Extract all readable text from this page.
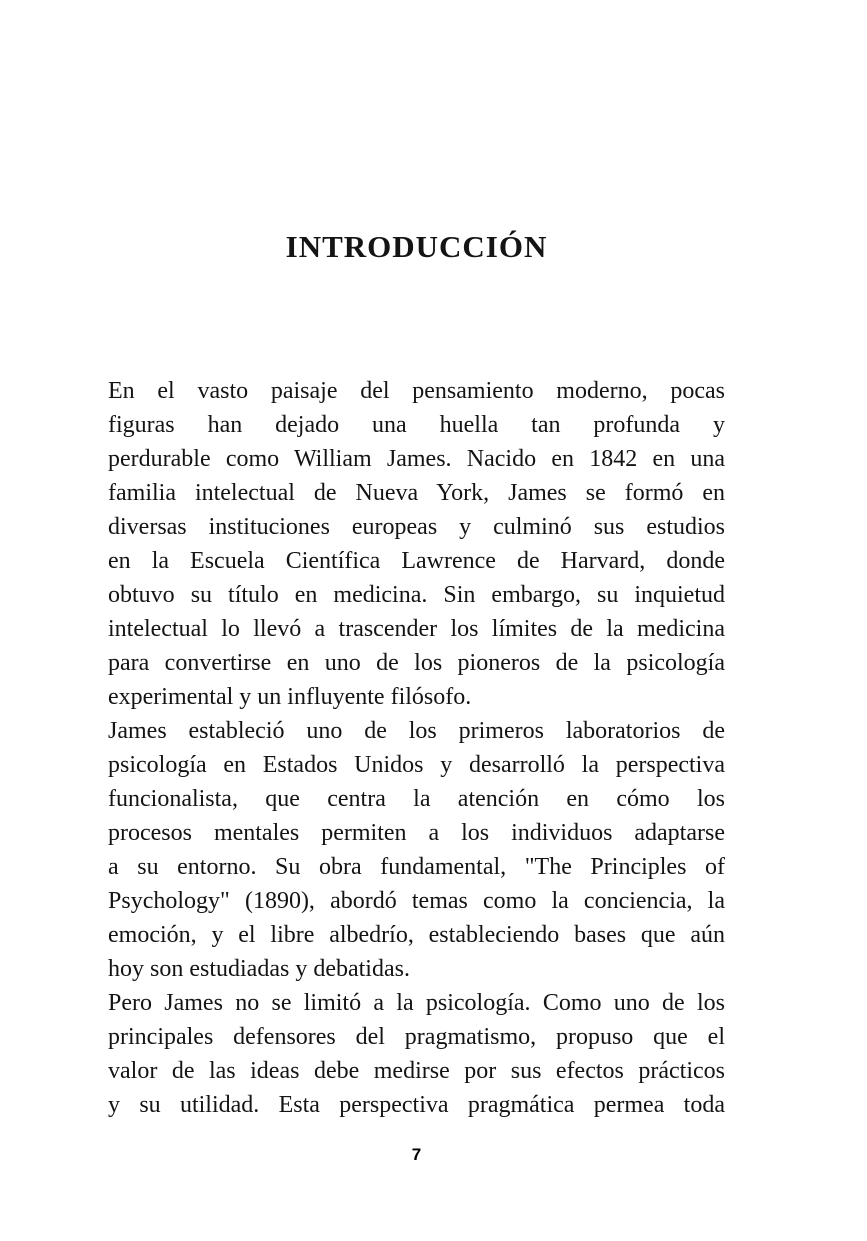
INTRODUCCIÓN
En el vasto paisaje del pensamiento moderno, pocas
figuras han dejado una huella tan profunda y
perdurable como William James. Nacido en 1842 en una
familia intelectual de Nueva York, James se formó en
diversas instituciones europeas y culminó sus estudios
en la Escuela Científica Lawrence de Harvard, donde
obtuvo su título en medicina. Sin embargo, su inquietud
intelectual lo llevó a trascender los límites de la medicina
para convertirse en uno de los pioneros de la psicología
experimental y un influyente filósofo.
James estableció uno de los primeros laboratorios de
psicología en Estados Unidos y desarrolló la perspectiva
funcionalista, que centra la atención en cómo los
procesos mentales permiten a los individuos adaptarse
a su entorno. Su obra fundamental, "The Principles of
Psychology" (1890), abordó temas como la conciencia, la
emoción, y el libre albedrío, estableciendo bases que aún
hoy son estudiadas y debatidas.
Pero James no se limitó a la psicología. Como uno de los
principales defensores del pragmatismo, propuso que el
valor de las ideas debe medirse por sus efectos prácticos
y su utilidad. Esta perspectiva pragmática permea toda
7
